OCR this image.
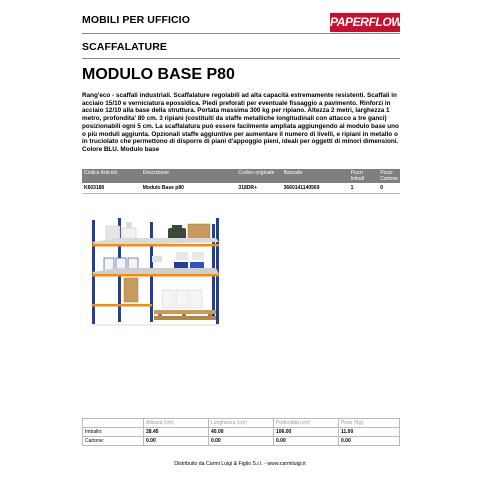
MOBILI PER UFFICIO	PAPERFLOW
SCAFFALATURE
MODULO BASE P80
Rang'eco - scaffali industriali. Scaffalature regolabili ad alta capacità estremamente resistenti. Scaffali in acciaio 15/10 e verniciatura epossidica. Piedi preforati per eventuale fissaggio a pavimento. Rinforzi in acciaio 12/10 alla base della struttura. Portata massima 300 kg per ripiano. Altezza 2 metri, larghezza 1 metro, profondita' 80 cm. 3 ripiani (costituiti da staffe metalliche longitudinali con attacco a tre ganci) posizionabili ogni 5 cm. La scaffalatura può essere facilmente ampliata aggiungendo al modulo base uno o più moduli aggiunta. Opzionali staffe aggiuntive per aumentare il numero di livelli, e ripiani in metallo o in truciolato che permettono di disporre di piani d'appoggio pieni, ideali per oggetti di minori dimensioni. Colore BLU. Modulo base
Codice Articolo	Descrizione	Codice originale	Barcode	Pezzi Imball	Pezzi Cartone
K603180	Modulo Base p80	318DR+	3660141140569	1	0
	Altezza (cm)	Lunghezza (cm)	Profondità (cm)	Peso (Kg)
Imballo:	28.45	40.00	106.00	11.00
Cartone:	0.00	0.00	0.00	0.00
Distribuito da Carmi Luigi & Figlio S.r.l. - www.carmiluigi.it
